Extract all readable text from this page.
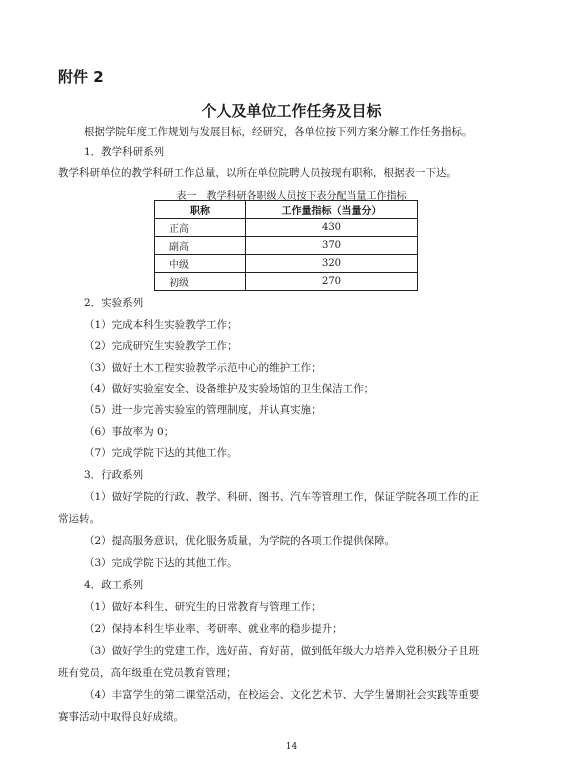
附件 2
个人及单位工作任务及目标
根据学院年度工作规划与发展目标，经研究，各单位按下列方案分解工作任务指标。
1．教学科研系列
教学科研单位的教学科研工作总量，以所在单位院聘人员按现有职称，根据表一下达。
表一　教学科研各职级人员按下表分配当量工作指标
职称	工作量指标（当量分）
正高	430
副高	370
中级	320
初级	270
2．实验系列
（1）完成本科生实验教学工作；
（2）完成研究生实验教学工作；
（3）做好土木工程实验教学示范中心的维护工作；
（4）做好实验室安全、设备维护及实验场馆的卫生保洁工作；
（5）进一步完善实验室的管理制度，并认真实施；
（6）事故率为 0；
（7）完成学院下达的其他工作。
3．行政系列
（1）做好学院的行政、教学、科研、图书、汽车等管理工作，保证学院各项工作的正
常运转。
（2）提高服务意识，优化服务质量，为学院的各项工作提供保障。
（3）完成学院下达的其他工作。
4．政工系列
（1）做好本科生、研究生的日常教育与管理工作；
（2）保持本科生毕业率、考研率、就业率的稳步提升；
（3）做好学生的党建工作，选好苗、育好苗，做到低年级大力培养入党积极分子且班
班有党员，高年级重在党员教育管理；
（4）丰富学生的第二课堂活动，在校运会、文化艺术节、大学生暑期社会实践等重要
赛事活动中取得良好成绩。
14
